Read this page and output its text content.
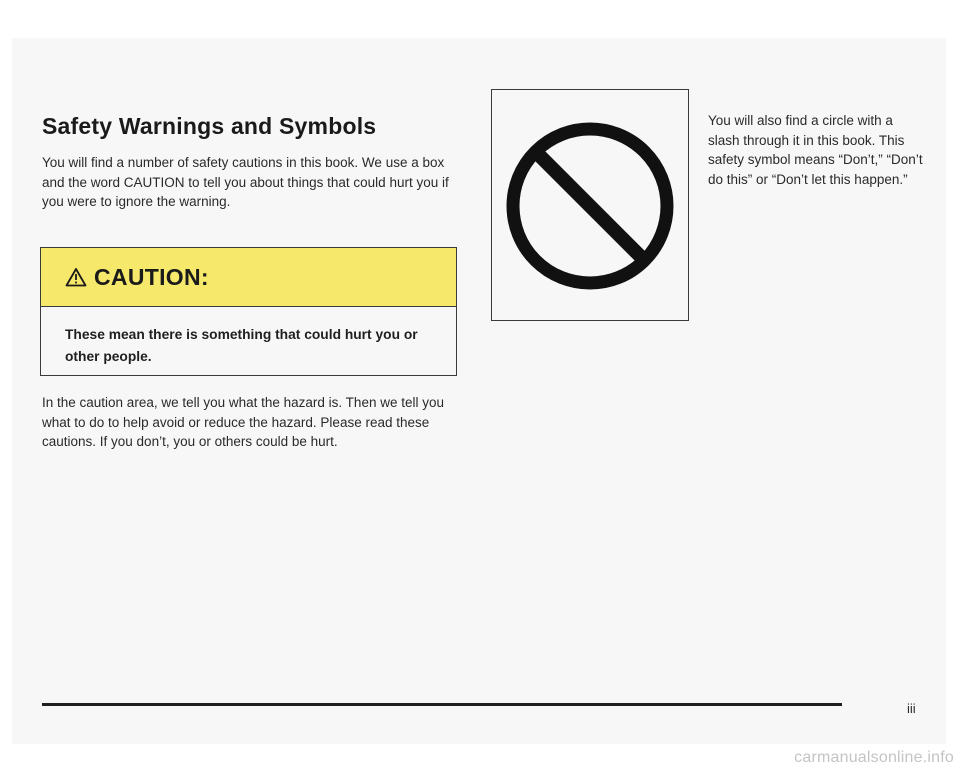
Safety Warnings and Symbols

You will find a number of safety cautions in this book. We use a box and the word CAUTION to tell you about things that could hurt you if you were to ignore the warning.

CAUTION:
These mean there is something that could hurt you or other people.

In the caution area, we tell you what the hazard is. Then we tell you what to do to help avoid or reduce the hazard. Please read these cautions. If you don’t, you or others could be hurt.

You will also find a circle with a slash through it in this book. This safety symbol means “Don’t,” “Don’t do this” or “Don’t let this happen.”

iii
carmanualsonline.info
